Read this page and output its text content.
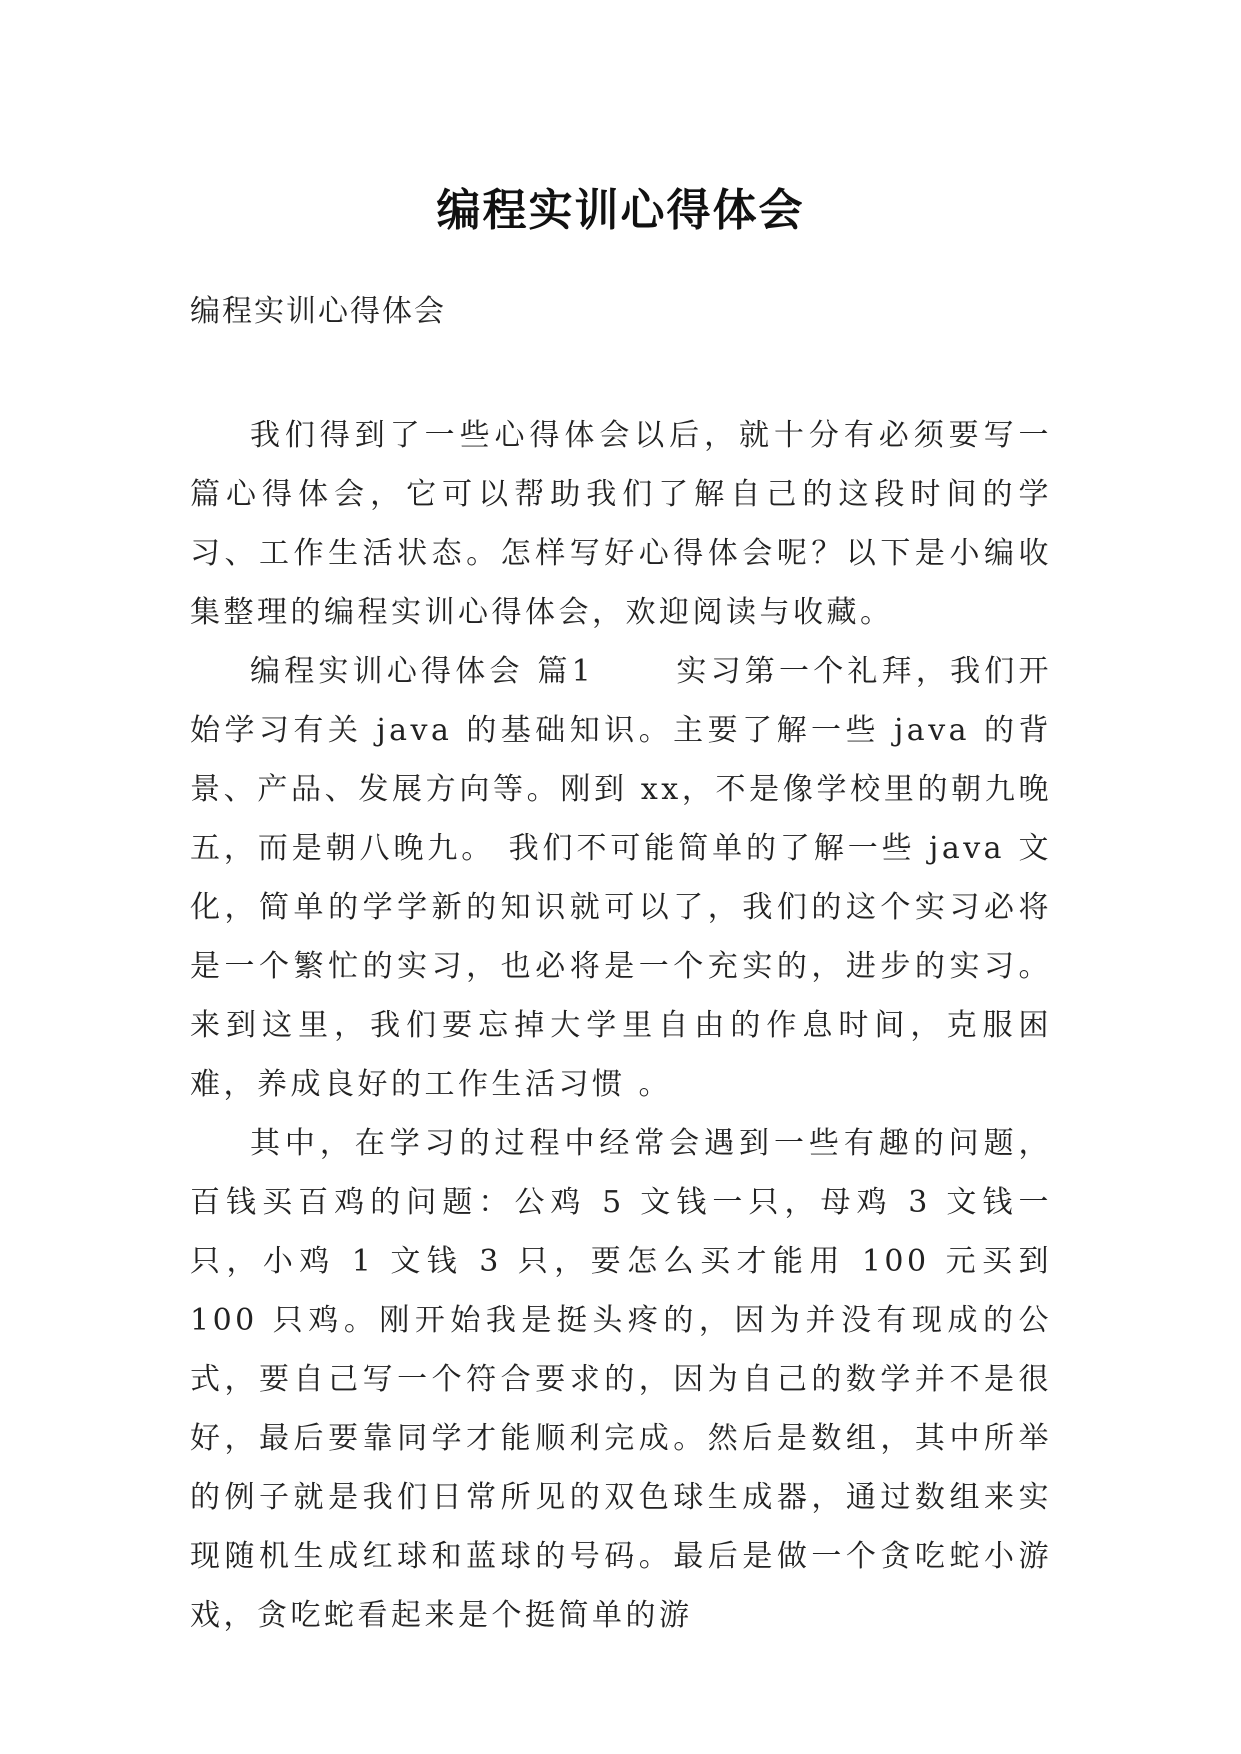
编程实训心得体会
编程实训心得体会

我们得到了一些心得体会以后，就十分有必须要写一篇心得体会，它可以帮助我们了解自己的这段时间的学习、工作生活状态。怎样写好心得体会呢？以下是小编收集整理的编程实训心得体会，欢迎阅读与收藏。

编程实训心得体会 篇1 　　实习第一个礼拜，我们开始学习有关 java 的基础知识。主要了解一些 java 的背景、产品、发展方向等。刚到 xx，不是像学校里的朝九晚五，而是朝八晚九。 我们不可能简单的了解一些 java 文化，简单的学学新的知识就可以了，我们的这个实习必将是一个繁忙的实习，也必将是一个充实的，进步的实习。来到这里，我们要忘掉大学里自由的作息时间，克服困难，养成良好的工作生活习惯 。

其中，在学习的过程中经常会遇到一些有趣的问题，百钱买百鸡的问题：公鸡 5 文钱一只，母鸡 3 文钱一只，小鸡 1 文钱 3 只，要怎么买才能用 100 元买到 100 只鸡。刚开始我是挺头疼的，因为并没有现成的公式，要自己写一个符合要求的，因为自己的数学并不是很好，最后要靠同学才能顺利完成。然后是数组，其中所举的例子就是我们日常所见的双色球生成器，通过数组来实现随机生成红球和蓝球的号码。最后是做一个贪吃蛇小游戏，贪吃蛇看起来是个挺简单的游
